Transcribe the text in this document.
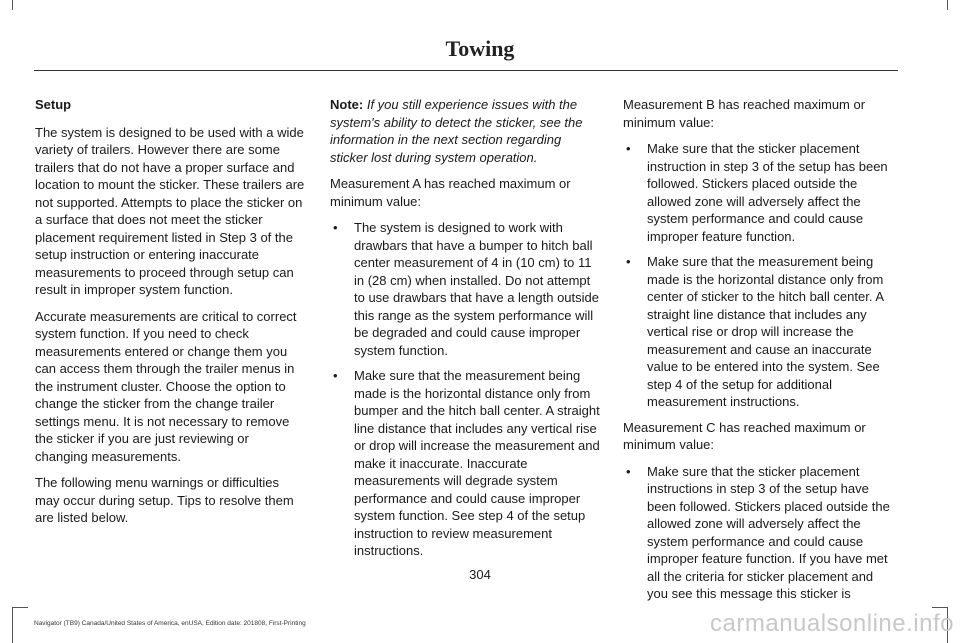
Towing

Setup

The system is designed to be used with a wide variety of trailers. However there are some trailers that do not have a proper surface and location to mount the sticker. These trailers are not supported. Attempts to place the sticker on a surface that does not meet the sticker placement requirement listed in Step 3 of the setup instruction or entering inaccurate measurements to proceed through setup can result in improper system function.

Accurate measurements are critical to correct system function. If you need to check measurements entered or change them you can access them through the trailer menus in the instrument cluster. Choose the option to change the sticker from the change trailer settings menu. It is not necessary to remove the sticker if you are just reviewing or changing measurements.

The following menu warnings or difficulties may occur during setup. Tips to resolve them are listed below.

Note: If you still experience issues with the system's ability to detect the sticker, see the information in the next section regarding sticker lost during system operation.

Measurement A has reached maximum or minimum value:

• The system is designed to work with drawbars that have a bumper to hitch ball center measurement of 4 in (10 cm) to 11 in (28 cm) when installed. Do not attempt to use drawbars that have a length outside this range as the system performance will be degraded and could cause improper system function.
• Make sure that the measurement being made is the horizontal distance only from bumper and the hitch ball center. A straight line distance that includes any vertical rise or drop will increase the measurement and make it inaccurate. Inaccurate measurements will degrade system performance and could cause improper system function. See step 4 of the setup instruction to review measurement instructions.

Measurement B has reached maximum or minimum value:

• Make sure that the sticker placement instruction in step 3 of the setup has been followed. Stickers placed outside the allowed zone will adversely affect the system performance and could cause improper feature function.
• Make sure that the measurement being made is the horizontal distance only from center of sticker to the hitch ball center. A straight line distance that includes any vertical rise or drop will increase the measurement and cause an inaccurate value to be entered into the system. See step 4 of the setup for additional measurement instructions.

Measurement C has reached maximum or minimum value:

• Make sure that the sticker placement instructions in step 3 of the setup have been followed. Stickers placed outside the allowed zone will adversely affect the system performance and could cause improper feature function. If you have met all the criteria for sticker placement and you see this message this sticker is
304
Navigator (TB9) Canada/United States of America, enUSA, Edition date: 201808, First-Printing	carmanualsonline.info
